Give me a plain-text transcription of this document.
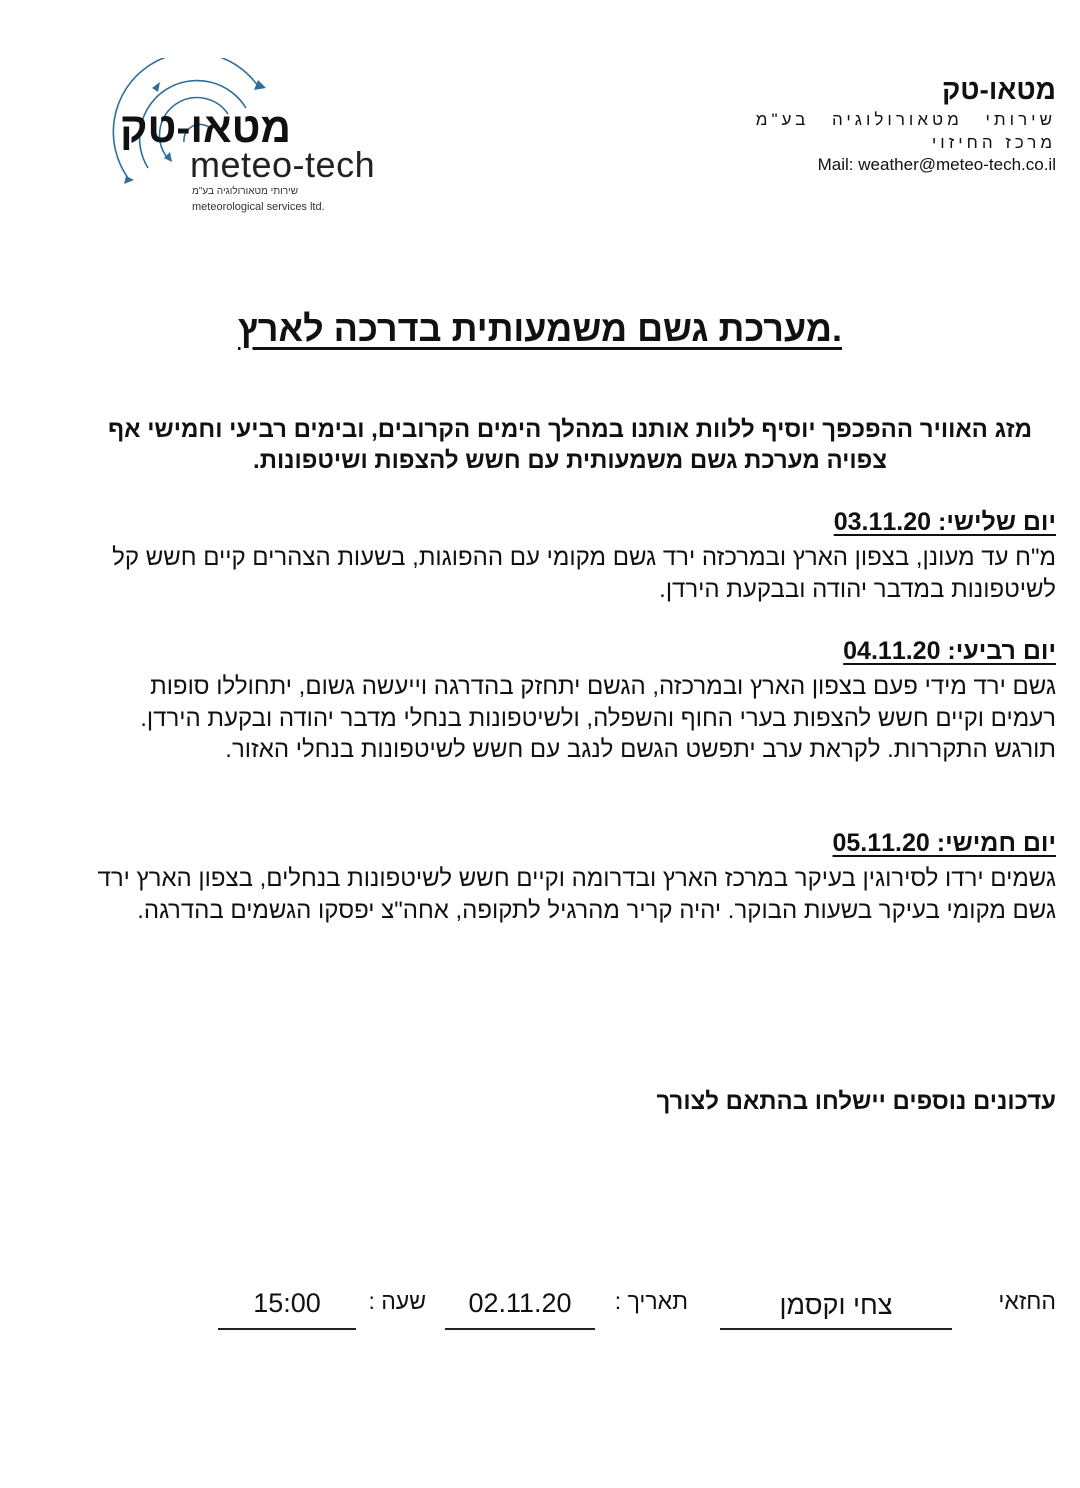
מטאו-טק
meteo-tech
שירותי מטאורולוגיה בע"מ
meteorological services ltd.
מטאו-טק
שירותי מטאורולוגיה בע"מ
מרכז החיזוי
Mail: weather@meteo-tech.co.il
מערכת גשם משמעותית בדרכה לארץ.
מזג האוויר ההפכפך יוסיף ללוות אותנו במהלך הימים הקרובים, ובימים רביעי וחמישי אף צפויה מערכת גשם משמעותית עם חשש להצפות ושיטפונות.
יום שלישי: 03.11.20
מ"ח עד מעונן, בצפון הארץ ובמרכזה ירד גשם מקומי עם ההפוגות, בשעות הצהרים קיים חשש קל לשיטפונות במדבר יהודה ובבקעת הירדן.
יום רביעי: 04.11.20
גשם ירד מידי פעם בצפון הארץ ובמרכזה, הגשם יתחזק בהדרגה וייעשה גשום, יתחוללו סופות רעמים וקיים חשש להצפות בערי החוף והשפלה, ולשיטפונות בנחלי מדבר יהודה ובקעת הירדן. תורגש התקררות. לקראת ערב יתפשט הגשם לנגב עם חשש לשיטפונות בנחלי האזור.
יום חמישי: 05.11.20
גשמים ירדו לסירוגין בעיקר במרכז הארץ ובדרומה וקיים חשש לשיטפונות בנחלים, בצפון הארץ ירד גשם מקומי בעיקר בשעות הבוקר. יהיה קריר מהרגיל לתקופה, אחה"צ יפסקו הגשמים בהדרגה.
עדכונים נוספים יישלחו בהתאם לצורך
החזאי
צחי וקסמן
תאריך :
02.11.20
שעה :
15:00
